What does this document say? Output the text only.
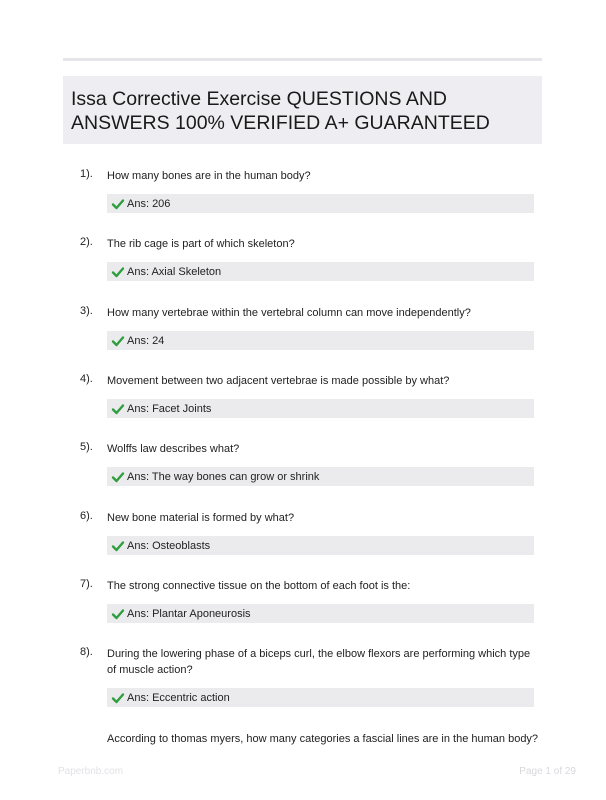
Issa Corrective Exercise QUESTIONS AND ANSWERS 100% VERIFIED A+ GUARANTEED
1). How many bones are in the human body?
Ans: 206
2). The rib cage is part of which skeleton?
Ans: Axial Skeleton
3). How many vertebrae within the vertebral column can move independently?
Ans: 24
4). Movement between two adjacent vertebrae is made possible by what?
Ans: Facet Joints
5). Wolffs law describes what?
Ans: The way bones can grow or shrink
6). New bone material is formed by what?
Ans: Osteoblasts
7). The strong connective tissue on the bottom of each foot is the:
Ans: Plantar Aponeurosis
8). During the lowering phase of a biceps curl, the elbow flexors are performing which type of muscle action?
Ans: Eccentric action
According to thomas myers, how many categories a fascial lines are in the human body?
Paperbnb.com	Page 1 of 29
